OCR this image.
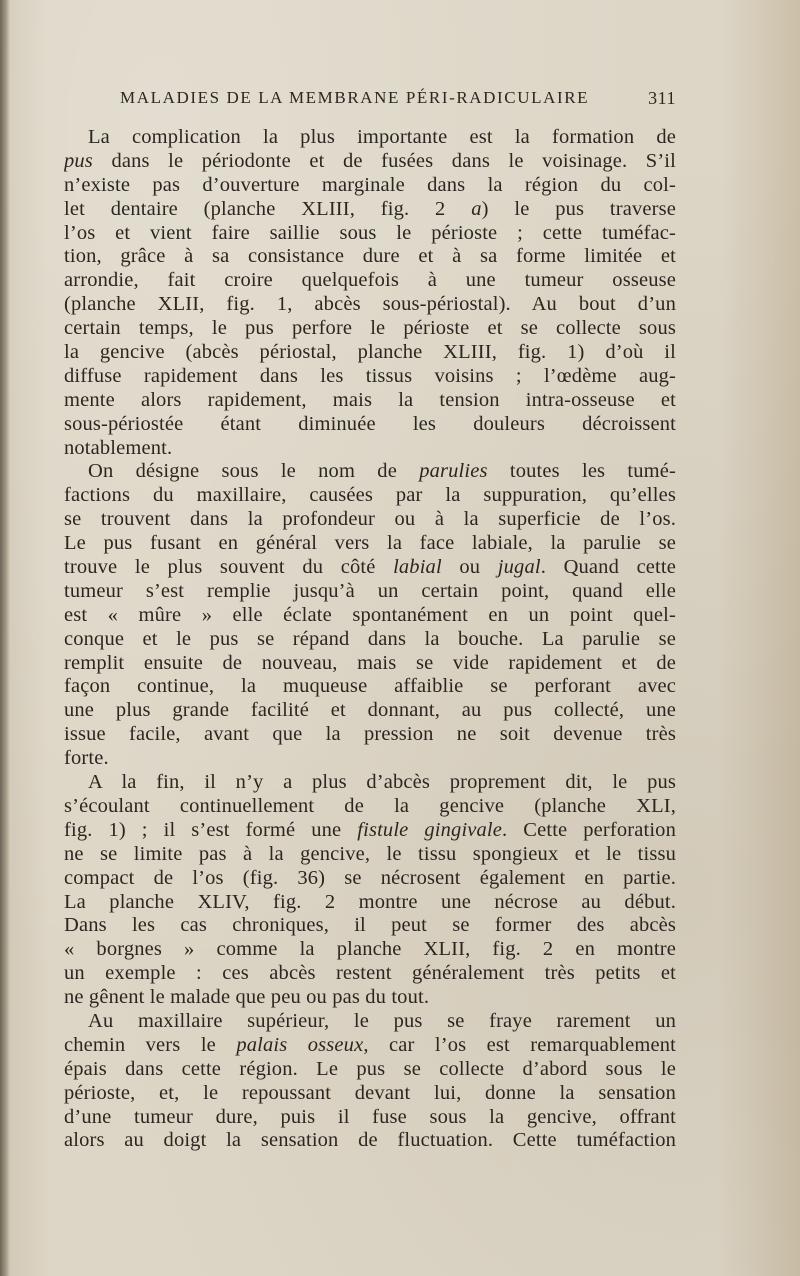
MALADIES DE LA MEMBRANE PÉRI-RADICULAIRE	311
La complication la plus importante est la formation de
pus dans le périodonte et de fusées dans le voisinage. S’il
n’existe pas d’ouverture marginale dans la région du col-
let dentaire (planche XLIII, fig. 2 a) le pus traverse
l’os et vient faire saillie sous le périoste ; cette tuméfac-
tion, grâce à sa consistance dure et à sa forme limitée et
arrondie, fait croire quelquefois à une tumeur osseuse
(planche XLII, fig. 1, abcès sous-périostal). Au bout d’un
certain temps, le pus perfore le périoste et se collecte sous
la gencive (abcès périostal, planche XLIII, fig. 1) d’où il
diffuse rapidement dans les tissus voisins ; l’œdème aug-
mente alors rapidement, mais la tension intra-osseuse et
sous-périostée étant diminuée les douleurs décroissent
notablement.
On désigne sous le nom de parulies toutes les tumé-
factions du maxillaire, causées par la suppuration, qu’elles
se trouvent dans la profondeur ou à la superficie de l’os.
Le pus fusant en général vers la face labiale, la parulie se
trouve le plus souvent du côté labial ou jugal. Quand cette
tumeur s’est remplie jusqu’à un certain point, quand elle
est « mûre » elle éclate spontanément en un point quel-
conque et le pus se répand dans la bouche. La parulie se
remplit ensuite de nouveau, mais se vide rapidement et de
façon continue, la muqueuse affaiblie se perforant avec
une plus grande facilité et donnant, au pus collecté, une
issue facile, avant que la pression ne soit devenue très
forte.
A la fin, il n’y a plus d’abcès proprement dit, le pus
s’écoulant continuellement de la gencive (planche XLI,
fig. 1) ; il s’est formé une fistule gingivale. Cette perforation
ne se limite pas à la gencive, le tissu spongieux et le tissu
compact de l’os (fig. 36) se nécrosent également en partie.
La planche XLIV, fig. 2 montre une nécrose au début.
Dans les cas chroniques, il peut se former des abcès
« borgnes » comme la planche XLII, fig. 2 en montre
un exemple : ces abcès restent généralement très petits et
ne gênent le malade que peu ou pas du tout.
Au maxillaire supérieur, le pus se fraye rarement un
chemin vers le palais osseux, car l’os est remarquablement
épais dans cette région. Le pus se collecte d’abord sous le
périoste, et, le repoussant devant lui, donne la sensation
d’une tumeur dure, puis il fuse sous la gencive, offrant
alors au doigt la sensation de fluctuation. Cette tuméfaction
